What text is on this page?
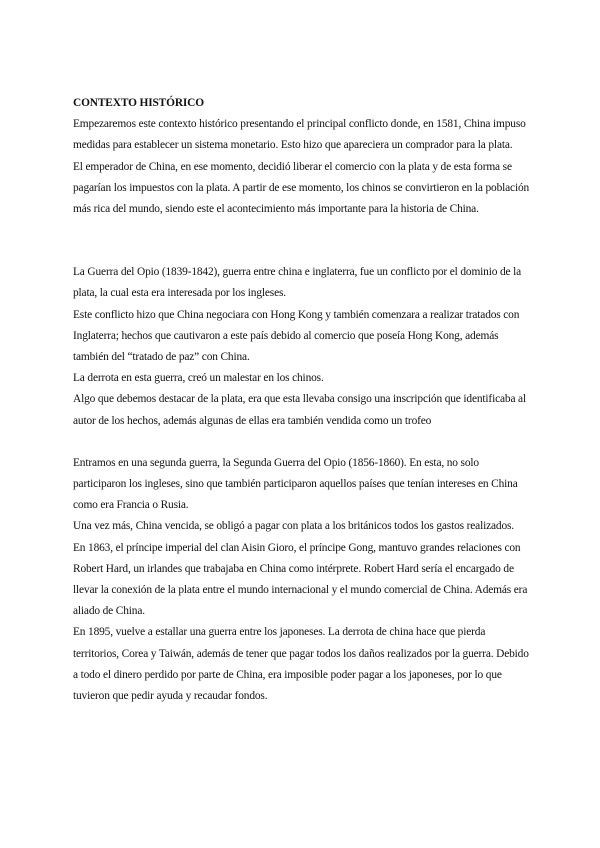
CONTEXTO HISTÓRICO

Empezaremos este contexto histórico presentando el principal conflicto donde, en 1581, China impuso medidas para establecer un sistema monetario. Esto hizo que apareciera un comprador para la plata.

El emperador de China, en ese momento, decidió liberar el comercio con la plata y de esta forma se pagarían los impuestos con la plata. A partir de ese momento, los chinos se convirtieron en la población más rica del mundo, siendo este el acontecimiento más importante para la historia de China.

La Guerra del Opio (1839-1842), guerra entre china e inglaterra, fue un conflicto por el dominio de la plata, la cual esta era interesada por los ingleses.

Este conflicto hizo que China negociara con Hong Kong y también comenzara a realizar tratados con Inglaterra; hechos que cautivaron a este país debido al comercio que poseía Hong Kong, además también del “tratado de paz” con China.

La derrota en esta guerra, creó un malestar en los chinos.

Algo que debemos destacar de la plata, era que esta llevaba consigo una inscripción que identificaba al autor de los hechos, además algunas de ellas era también vendida como un trofeo

Entramos en una segunda guerra, la Segunda Guerra del Opio (1856-1860). En esta, no solo participaron los ingleses, sino que también participaron aquellos países que tenían intereses en China como era Francia o Rusia.

Una vez más, China vencida, se obligó a pagar con plata a los británicos todos los gastos realizados.

En 1863, el príncipe imperial del clan Aisin Gioro, el príncipe Gong, mantuvo grandes relaciones con Robert Hard, un irlandes que trabajaba en China como intérprete. Robert Hard sería el encargado de llevar la conexión de la plata entre el mundo internacional y el mundo comercial de China. Además era aliado de China.

En 1895, vuelve a estallar una guerra entre los japoneses. La derrota de china hace que pierda territorios, Corea y Taiwán, además de tener que pagar todos los daños realizados por la guerra. Debido a todo el dinero perdido por parte de China, era imposible poder pagar a los japoneses, por lo que tuvieron que pedir ayuda y recaudar fondos.
